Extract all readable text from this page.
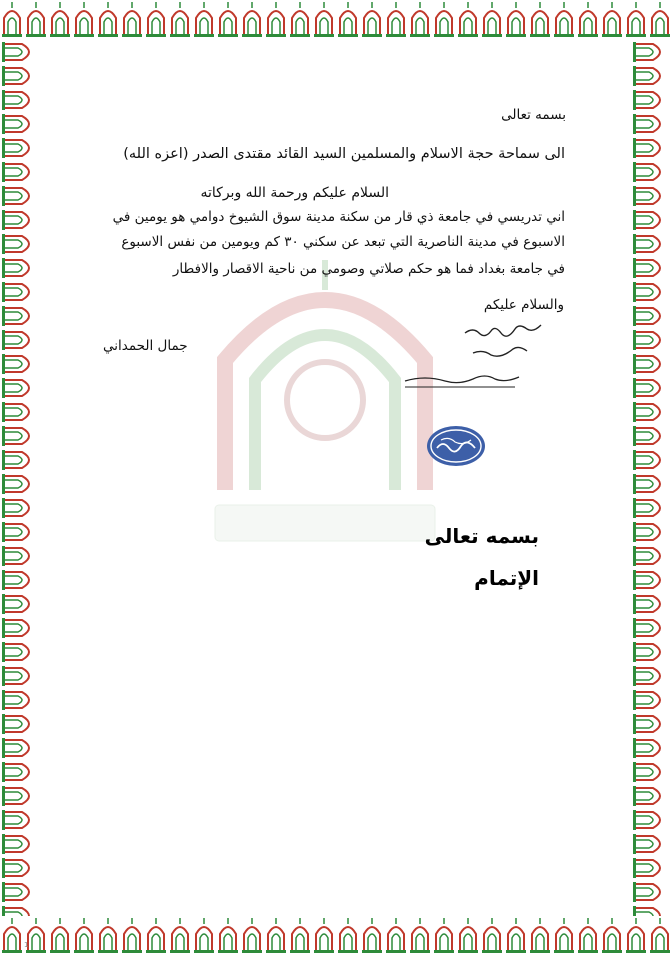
بسمه تعالى
الى سماحة حجة الاسلام والمسلمين السيد القائد مقتدى الصدر (اعزه الله)
السلام عليكم ورحمة الله وبركاته
اني تدريسي في جامعة ذي قار من سكنة مدينة سوق الشيوخ دوامي هو يومين في
الاسبوع في مدينة الناصرية التي تبعد عن سكني ٣٠ كم ويومين من نفس الاسبوع
في جامعة بغداد فما هو حكم صلاتي وصومي من ناحية الاقصار والافطار
والسلام عليكم
جمال الحمداني
بسمه تعالى
الإتمام
1
